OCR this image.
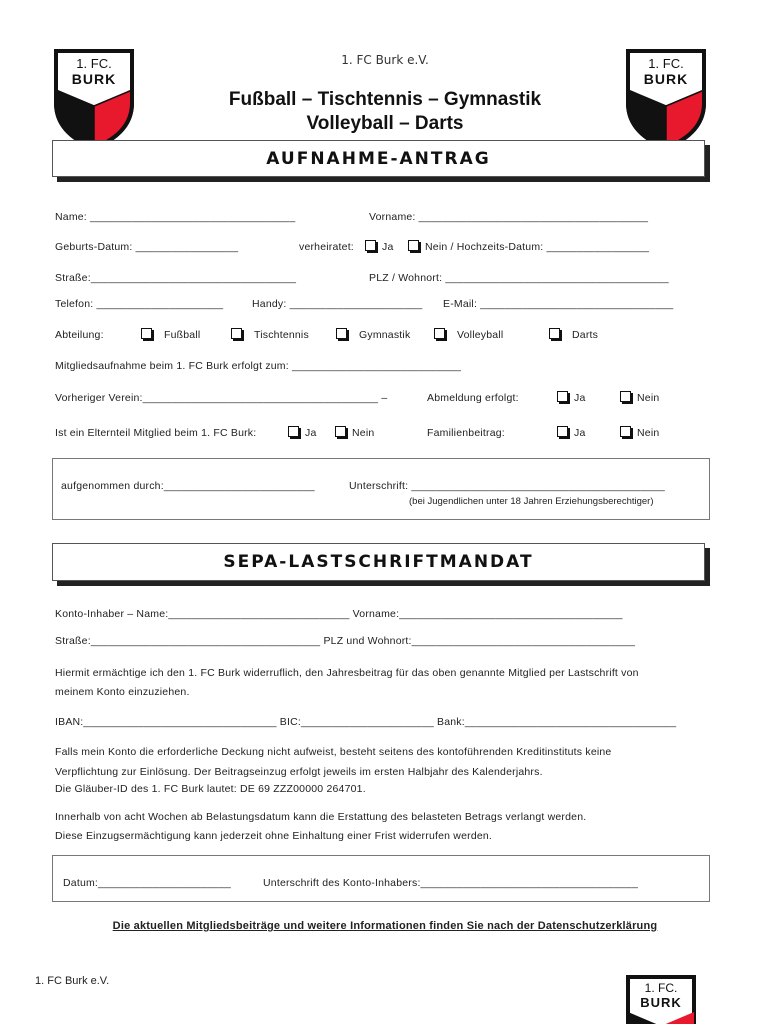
1. FC.
BURK
1. FC.
BURK
1. FC Burk e.V.
Fußball – Tischtennis – Gymnastik
Volleyball – Darts
AUFNAHME-ANTRAG
Name: __________________________________	Vorname: ______________________________________
Geburts-Datum: _________________	verheiratet:	Ja	Nein / Hochzeits-Datum: _________________
Straße:__________________________________	PLZ / Wohnort: _____________________________________
Telefon: _____________________	Handy: ______________________ E-Mail: ________________________________
Abteilung:	Fußball	Tischtennis	Gymnastik	Volleyball	Darts
Mitgliedsaufnahme beim 1. FC Burk erfolgt zum: ____________________________
Vorheriger Verein:_______________________________________ –	Abmeldung erfolgt:	Ja	Nein
Ist ein Elternteil Mitglied beim 1. FC Burk:	Ja	Nein	Familienbeitrag:	Ja	Nein
aufgenommen durch:_________________________	Unterschrift: __________________________________________
(bei Jugendlichen unter 18 Jahren Erziehungsberechtiger)
SEPA-LASTSCHRIFTMANDAT
Konto-Inhaber – Name:______________________________ Vorname:_____________________________________
Straße:______________________________________ PLZ und Wohnort:_____________________________________
Hiermit ermächtige ich den 1. FC Burk widerruflich, den Jahresbeitrag für das oben genannte Mitglied per Lastschrift von
meinem Konto einzuziehen.
IBAN:________________________________ BIC:______________________ Bank:___________________________________
Falls mein Konto die erforderliche Deckung nicht aufweist, besteht seitens des kontoführenden Kreditinstituts keine
Verpflichtung zur Einlösung. Der Beitragseinzug erfolgt jeweils im ersten Halbjahr des Kalenderjahrs.
Die Gläuber-ID des 1. FC Burk lautet: DE 69 ZZZ00000 264701.
Innerhalb von acht Wochen ab Belastungsdatum kann die Erstattung des belasteten Betrags verlangt werden.
Diese Einzugsermächtigung kann jederzeit ohne Einhaltung einer Frist widerrufen werden.
Datum:______________________	Unterschrift des Konto-Inhabers:____________________________________
Die aktuellen Mitgliedsbeiträge und weitere Informationen finden Sie nach der Datenschutzerklärung
1. FC Burk e.V.	1. FC.
BURK
